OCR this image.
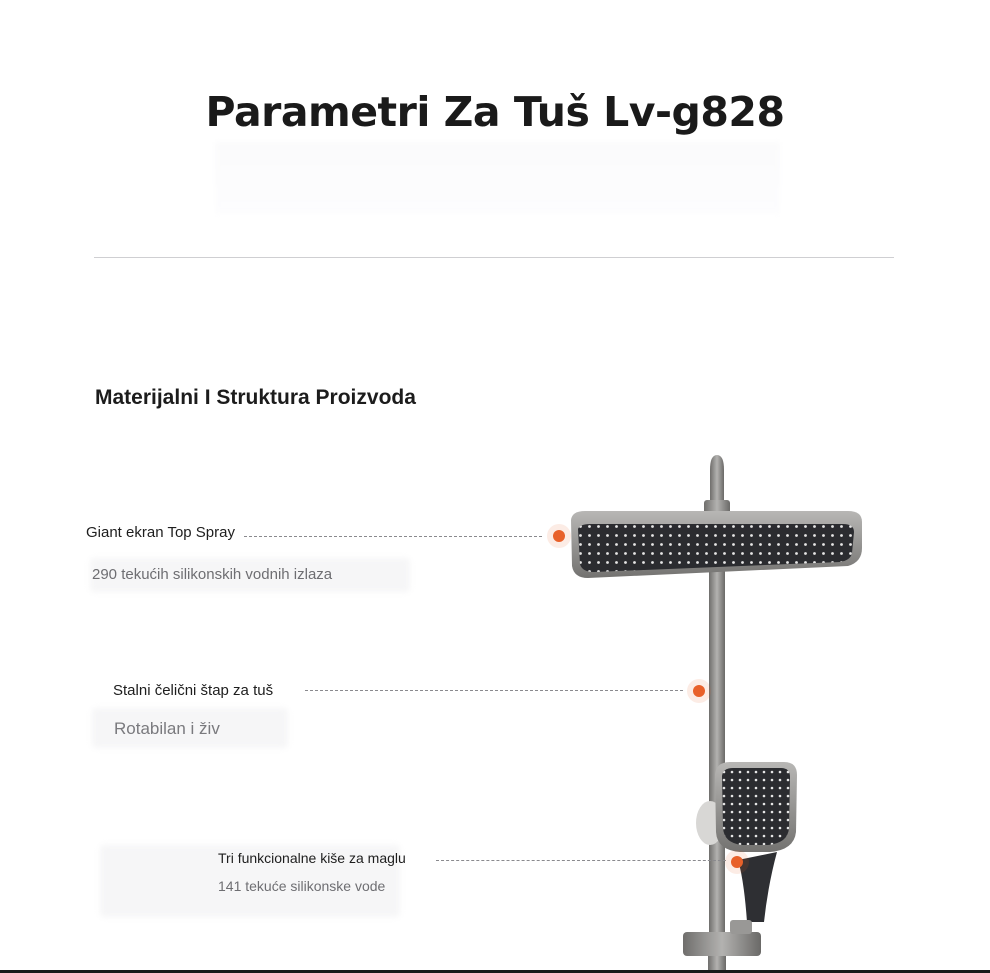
Parametri Za Tuš Lv-g828
Materijalni I Struktura Proizvoda
Giant ekran Top Spray
290 tekućih silikonskih vodnih izlaza
Stalni čelični štap za tuš
Rotabilan i živ
Tri funkcionalne kiše za maglu
141 tekuće silikonske vode
